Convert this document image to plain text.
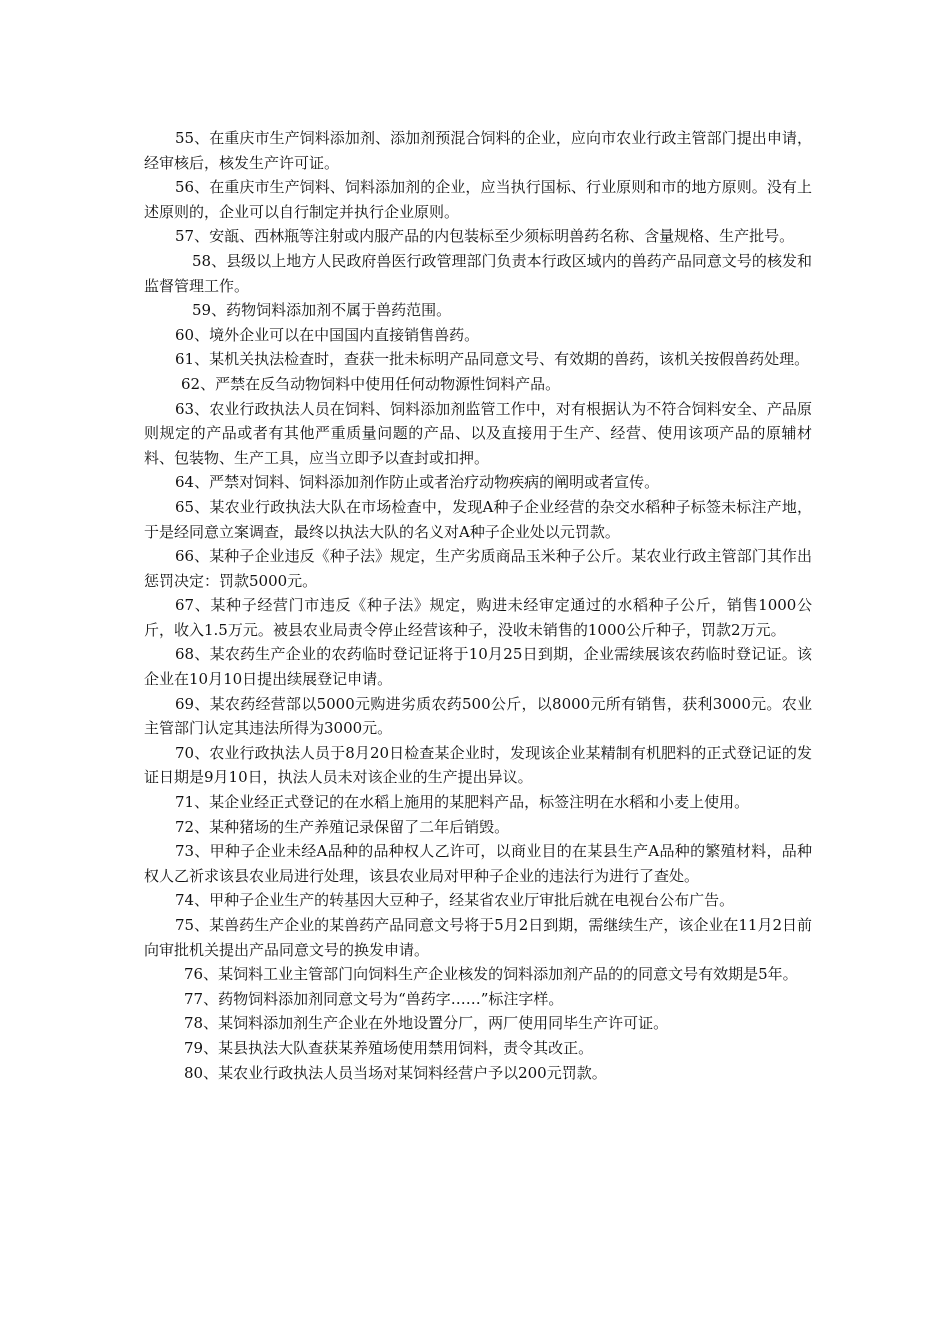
55、在重庆市生产饲料添加剂、添加剂预混合饲料的企业，应向市农业行政主管部门提出申请，经审核后，核发生产许可证。

56、在重庆市生产饲料、饲料添加剂的企业，应当执行国标、行业原则和市的地方原则。没有上述原则的，企业可以自行制定并执行企业原则。

57、安瓿、西林瓶等注射或内服产品的内包装标至少须标明兽药名称、含量规格、生产批号。

58、县级以上地方人民政府兽医行政管理部门负责本行政区域内的兽药产品同意文号的核发和监督管理工作。

59、药物饲料添加剂不属于兽药范围。

60、境外企业可以在中国国内直接销售兽药。

61、某机关执法检查时，查获一批未标明产品同意文号、有效期的兽药，该机关按假兽药处理。

62、严禁在反刍动物饲料中使用任何动物源性饲料产品。

63、农业行政执法人员在饲料、饲料添加剂监管工作中，对有根据认为不符合饲料安全、产品原则规定的产品或者有其他严重质量问题的产品、以及直接用于生产、经营、使用该项产品的原辅材料、包装物、生产工具，应当立即予以查封或扣押。

64、严禁对饲料、饲料添加剂作防止或者治疗动物疾病的阐明或者宣传。

65、某农业行政执法大队在市场检查中，发现A种子企业经营的杂交水稻种子标签未标注产地，于是经同意立案调查，最终以执法大队的名义对A种子企业处以元罚款。

66、某种子企业违反《种子法》规定，生产劣质商品玉米种子公斤。某农业行政主管部门其作出惩罚决定：罚款5000元。

67、某种子经营门市违反《种子法》规定，购进未经审定通过的水稻种子公斤，销售1000公斤，收入1.5万元。被县农业局责令停止经营该种子，没收未销售的1000公斤种子，罚款2万元。

68、某农药生产企业的农药临时登记证将于10月25日到期，企业需续展该农药临时登记证。该企业在10月10日提出续展登记申请。

69、某农药经营部以5000元购进劣质农药500公斤，以8000元所有销售，获利3000元。农业主管部门认定其违法所得为3000元。

70、农业行政执法人员于8月20日检查某企业时，发现该企业某精制有机肥料的正式登记证的发证日期是9月10日，执法人员未对该企业的生产提出异议。

71、某企业经正式登记的在水稻上施用的某肥料产品，标签注明在水稻和小麦上使用。

72、某种猪场的生产养殖记录保留了二年后销毁。

73、甲种子企业未经A品种的品种权人乙许可，以商业目的在某县生产A品种的繁殖材料，品种权人乙祈求该县农业局进行处理，该县农业局对甲种子企业的违法行为进行了查处。

74、甲种子企业生产的转基因大豆种子，经某省农业厅审批后就在电视台公布广告。

75、某兽药生产企业的某兽药产品同意文号将于5月2日到期，需继续生产，该企业在11月2日前向审批机关提出产品同意文号的换发申请。

76、某饲料工业主管部门向饲料生产企业核发的饲料添加剂产品的的同意文号有效期是5年。

77、药物饲料添加剂同意文号为“兽药字……”标注字样。

78、某饲料添加剂生产企业在外地设置分厂，两厂使用同毕生产许可证。

79、某县执法大队查获某养殖场使用禁用饲料，责令其改正。

80、某农业行政执法人员当场对某饲料经营户予以200元罚款。
